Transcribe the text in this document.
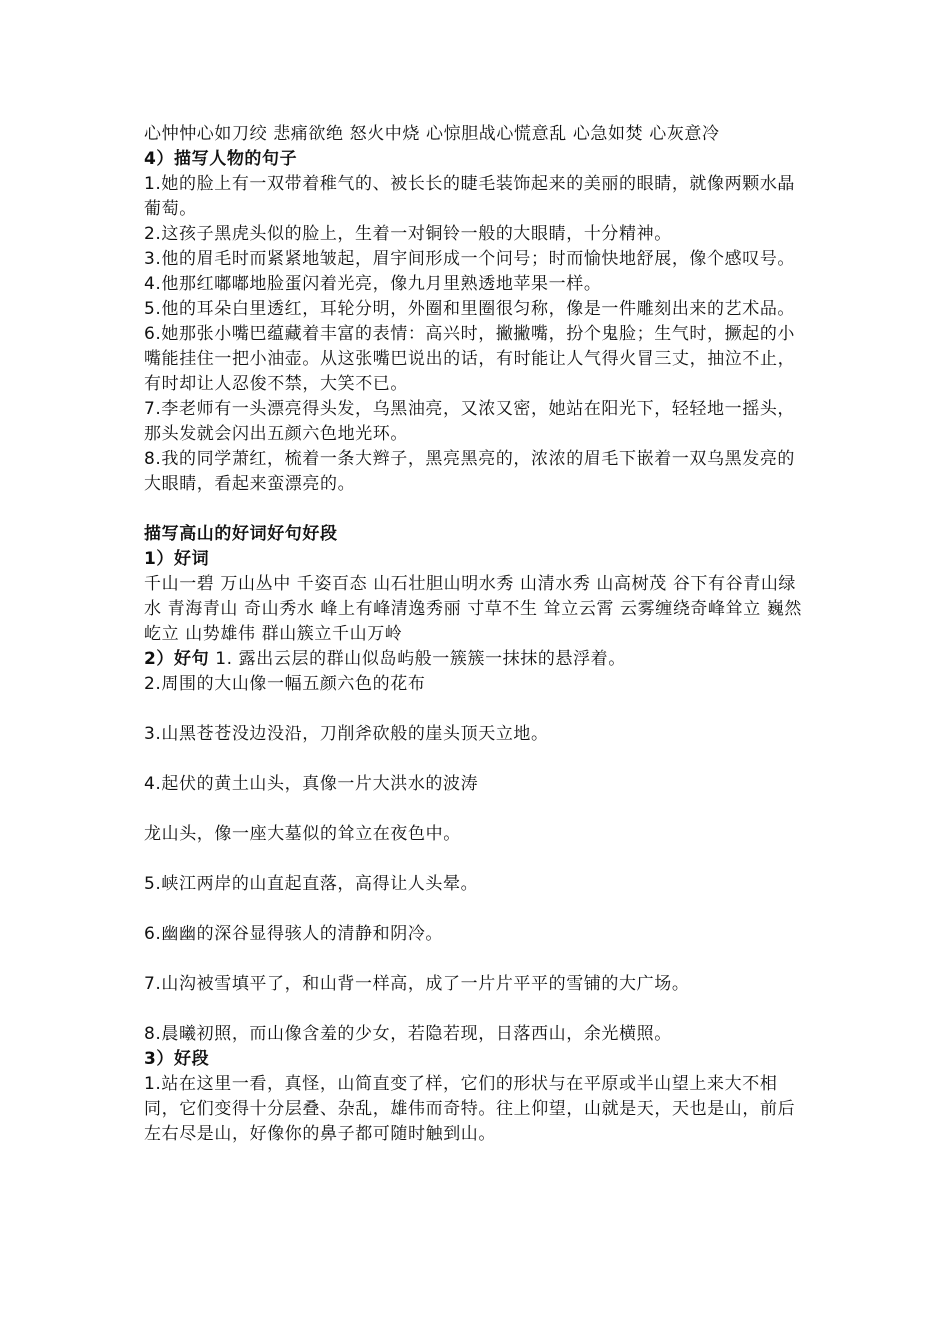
心忡忡心如刀绞 悲痛欲绝 怒火中烧 心惊胆战心慌意乱 心急如焚 心灰意冷
4）描写人物的句子
1.她的脸上有一双带着稚气的、被长长的睫毛装饰起来的美丽的眼睛，就像两颗水晶葡萄。
2.这孩子黑虎头似的脸上，生着一对铜铃一般的大眼睛，十分精神。
3.他的眉毛时而紧紧地皱起，眉宇间形成一个问号；时而愉快地舒展，像个感叹号。
4.他那红嘟嘟地脸蛋闪着光亮，像九月里熟透地苹果一样。
5.他的耳朵白里透红，耳轮分明，外圈和里圈很匀称，像是一件雕刻出来的艺术品。
6.她那张小嘴巴蕴藏着丰富的表情：高兴时，撇撇嘴，扮个鬼脸；生气时，撅起的小嘴能挂住一把小油壶。从这张嘴巴说出的话，有时能让人气得火冒三丈，抽泣不止，有时却让人忍俊不禁，大笑不已。
7.李老师有一头漂亮得头发，乌黑油亮，又浓又密，她站在阳光下，轻轻地一摇头，那头发就会闪出五颜六色地光环。
8.我的同学萧红，梳着一条大辫子，黑亮黑亮的，浓浓的眉毛下嵌着一双乌黑发亮的大眼睛，看起来蛮漂亮的。
描写高山的好词好句好段
1）好词
千山一碧 万山丛中 千姿百态 山石壮胆山明水秀 山清水秀 山高树茂 谷下有谷青山绿水 青海青山 奇山秀水 峰上有峰清逸秀丽 寸草不生 耸立云霄 云雾缠绕奇峰耸立 巍然屹立 山势雄伟 群山簇立千山万岭
2）好句 1. 露出云层的群山似岛屿般一簇簇一抹抹的悬浮着。
2.周围的大山像一幅五颜六色的花布
3.山黑苍苍没边没沿，刀削斧砍般的崖头顶天立地。
4.起伏的黄土山头，真像一片大洪水的波涛
龙山头，像一座大墓似的耸立在夜色中。
5.峡江两岸的山直起直落，高得让人头晕。
6.幽幽的深谷显得骇人的清静和阴冷。
7.山沟被雪填平了，和山背一样高，成了一片片平平的雪铺的大广场。
8.晨曦初照，而山像含羞的少女，若隐若现，日落西山，余光横照。
3）好段
1.站在这里一看，真怪，山简直变了样，它们的形状与在平原或半山望上来大不相同，它们变得十分层叠、杂乱，雄伟而奇特。往上仰望，山就是天，天也是山，前后左右尽是山，好像你的鼻子都可随时触到山。
